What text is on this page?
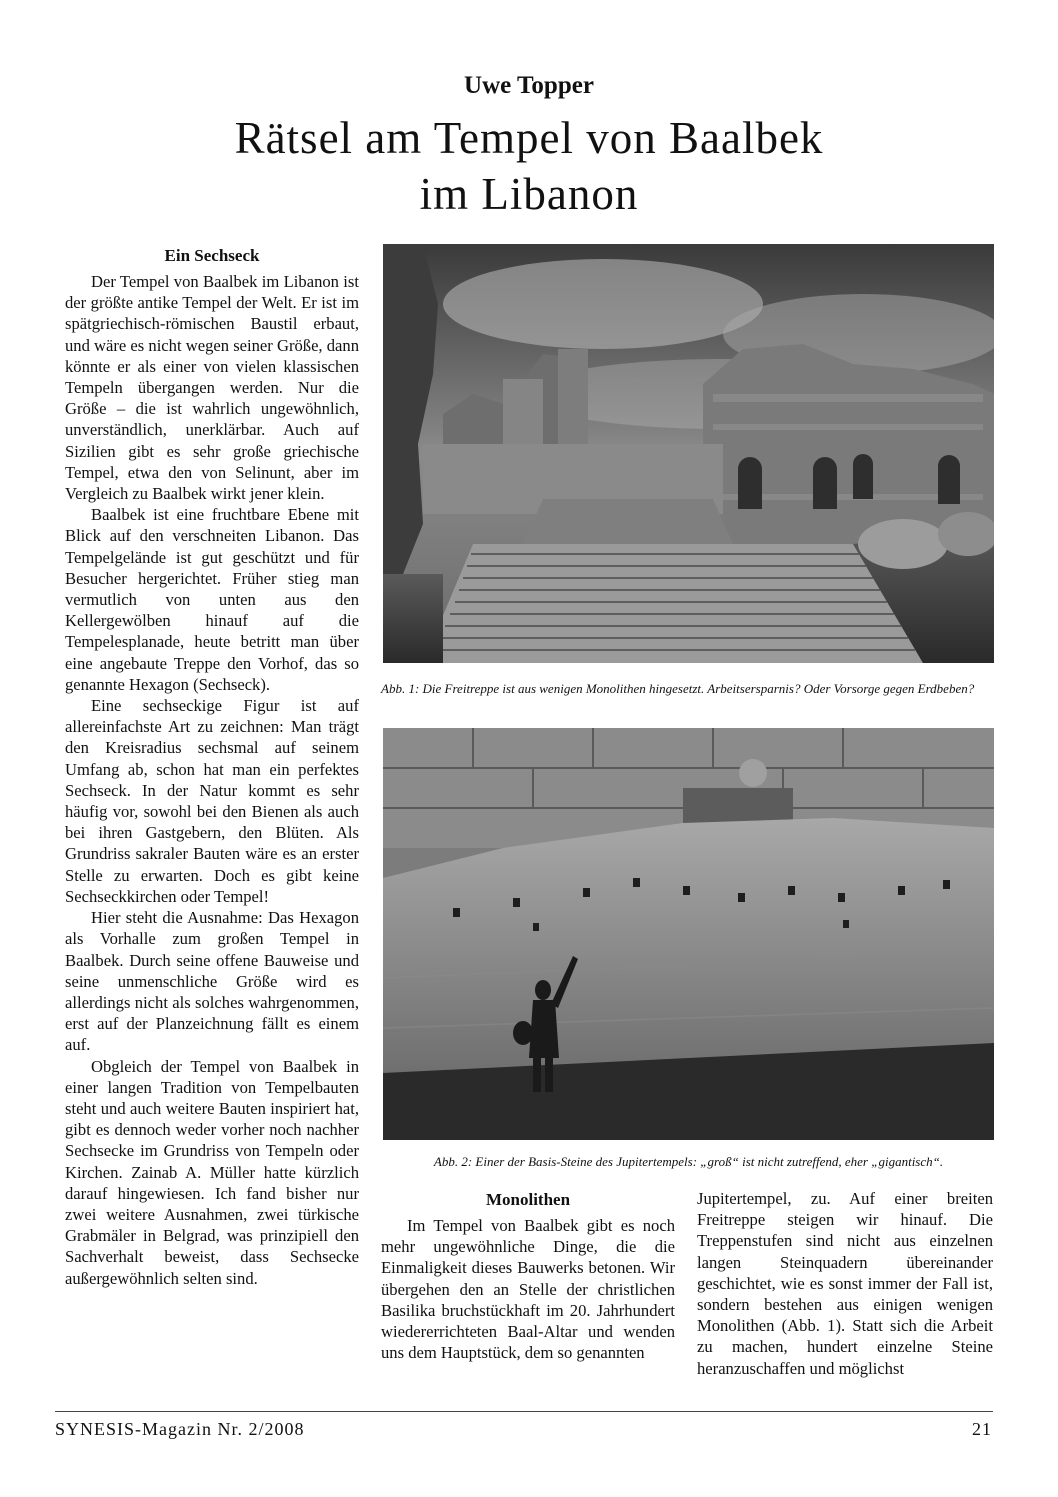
Uwe Topper
Rätsel am Tempel von Baalbek
im Libanon
Ein Sechseck

Der Tempel von Baalbek im Libanon ist der größte antike Tempel der Welt. Er ist im spätgriechisch-römischen Baustil erbaut, und wäre es nicht wegen seiner Größe, dann könnte er als einer von vielen klassischen Tempeln übergangen werden. Nur die Größe – die ist wahrlich ungewöhnlich, unverständlich, unerklärbar. Auch auf Sizilien gibt es sehr große griechische Tempel, etwa den von Selinunt, aber im Vergleich zu Baalbek wirkt jener klein.

Baalbek ist eine fruchtbare Ebene mit Blick auf den verschneiten Libanon. Das Tempelgelände ist gut geschützt und für Besucher hergerichtet. Früher stieg man vermutlich von unten aus den Kellergewölben hinauf auf die Tempelesplanade, heute betritt man über eine angebaute Treppe den Vorhof, das so genannte Hexagon (Sechseck).

Eine sechseckige Figur ist auf allereinfachste Art zu zeichnen: Man trägt den Kreisradius sechsmal auf seinem Umfang ab, schon hat man ein perfektes Sechseck. In der Natur kommt es sehr häufig vor, sowohl bei den Bienen als auch bei ihren Gastgebern, den Blüten. Als Grundriss sakraler Bauten wäre es an erster Stelle zu erwarten. Doch es gibt keine Sechseckkirchen oder Tempel!

Hier steht die Ausnahme: Das Hexagon als Vorhalle zum großen Tempel in Baalbek. Durch seine offene Bauweise und seine unmenschliche Größe wird es allerdings nicht als solches wahrgenommen, erst auf der Planzeichnung fällt es einem auf.

Obgleich der Tempel von Baalbek in einer langen Tradition von Tempelbauten steht und auch weitere Bauten inspiriert hat, gibt es dennoch weder vorher noch nachher Sechsecke im Grundriss von Tempeln oder Kirchen. Zainab A. Müller hatte kürzlich darauf hingewiesen. Ich fand bisher nur zwei weitere Ausnahmen, zwei türkische Grabmäler in Belgrad, was prinzipiell den Sachverhalt beweist, dass Sechsecke außergewöhnlich selten sind.

Abb. 1: Die Freitreppe ist aus wenigen Monolithen hingesetzt. Arbeitsersparnis? Oder Vorsorge gegen Erdbeben?

Abb. 2: Einer der Basis-Steine des Jupitertempels: „groß“ ist nicht zutreffend, eher „gigantisch“.

Monolithen

Im Tempel von Baalbek gibt es noch mehr ungewöhnliche Dinge, die die Einmaligkeit dieses Bauwerks betonen. Wir übergehen den an Stelle der christlichen Basilika bruchstückhaft im 20. Jahrhundert wiedererrichteten Baal-Altar und wenden uns dem Hauptstück, dem so genannten

Jupitertempel, zu. Auf einer breiten Freitreppe steigen wir hinauf. Die Treppenstufen sind nicht aus einzelnen langen Steinquadern übereinander geschichtet, wie es sonst immer der Fall ist, sondern bestehen aus einigen wenigen Monolithen (Abb. 1). Statt sich die Arbeit zu machen, hundert einzelne Steine heranzuschaffen und möglichst

SYNESIS-Magazin Nr. 2/2008	21
